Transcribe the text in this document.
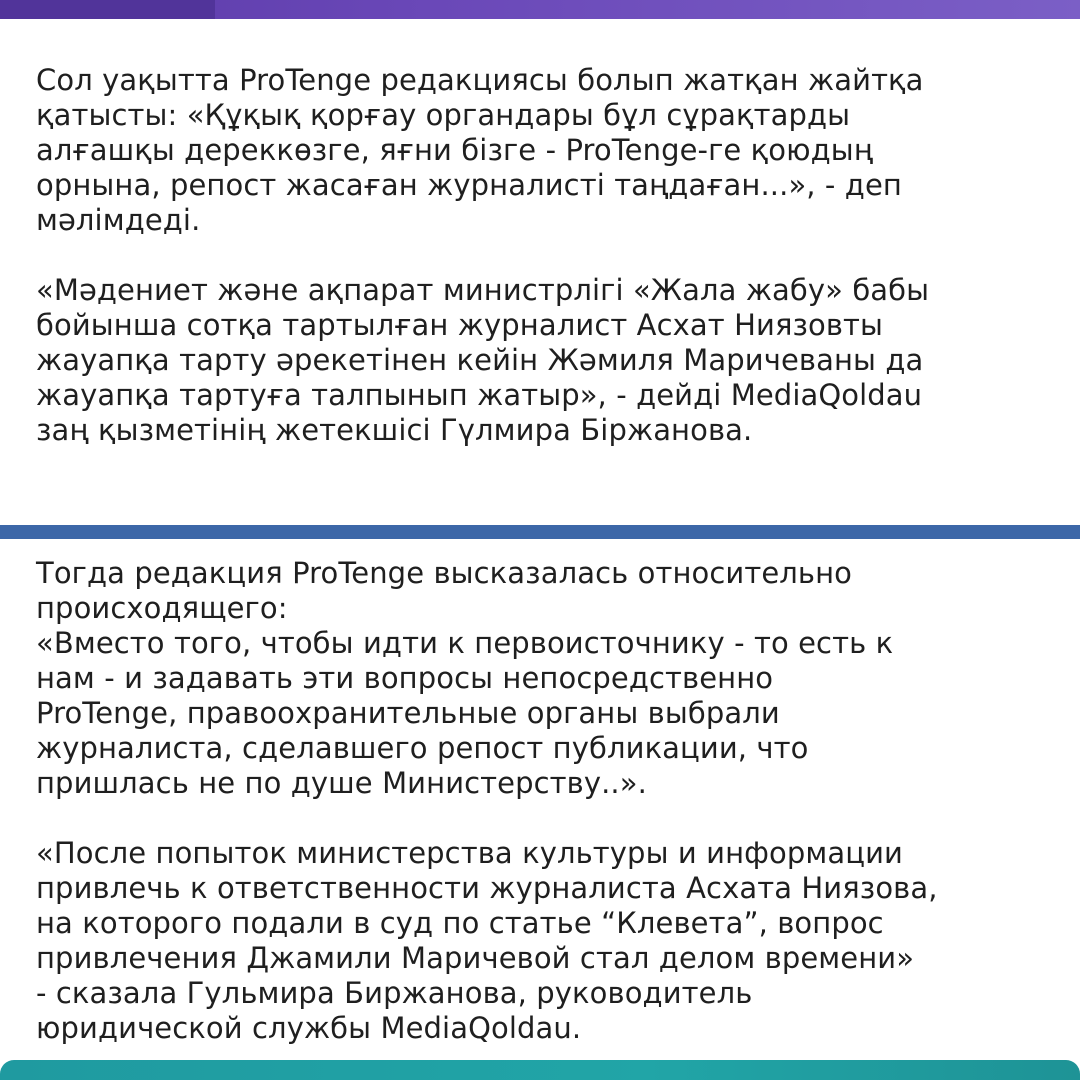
Сол уақытта ProTenge редакциясы болып жатқан жайтқа
қатысты: «Құқық қорғау органдары бұл сұрақтарды
алғашқы дереккөзге, яғни бізге - ProTenge-ге қоюдың
орнына, репост жасаған журналисті таңдаған...», - деп
мәлімдеді.

«Мәдениет және ақпарат министрлігі «Жала жабу» бабы
бойынша сотқа тартылған журналист Асхат Ниязовты
жауапқа тарту әрекетінен кейін Жәмиля Маричеваны да
жауапқа тартуға талпынып жатыр», - дейді MediaQoldau
заң қызметінің жетекшісі Гүлмира Біржанова.

Тогда редакция ProTenge высказалась относительно
происходящего:
«Вместо того, чтобы идти к первоисточнику - то есть к
нам - и задавать эти вопросы непосредственно
ProTenge, правоохранительные органы выбрали
журналиста, сделавшего репост публикации, что
пришлась не по душе Министерству..».

«После попыток министерства культуры и информации
привлечь к ответственности журналиста Асхата Ниязова,
на которого подали в суд по статье “Клевета”, вопрос
привлечения Джамили Маричевой стал делом времени»
- сказала Гульмира Биржанова, руководитель
юридической службы MediaQoldau.
